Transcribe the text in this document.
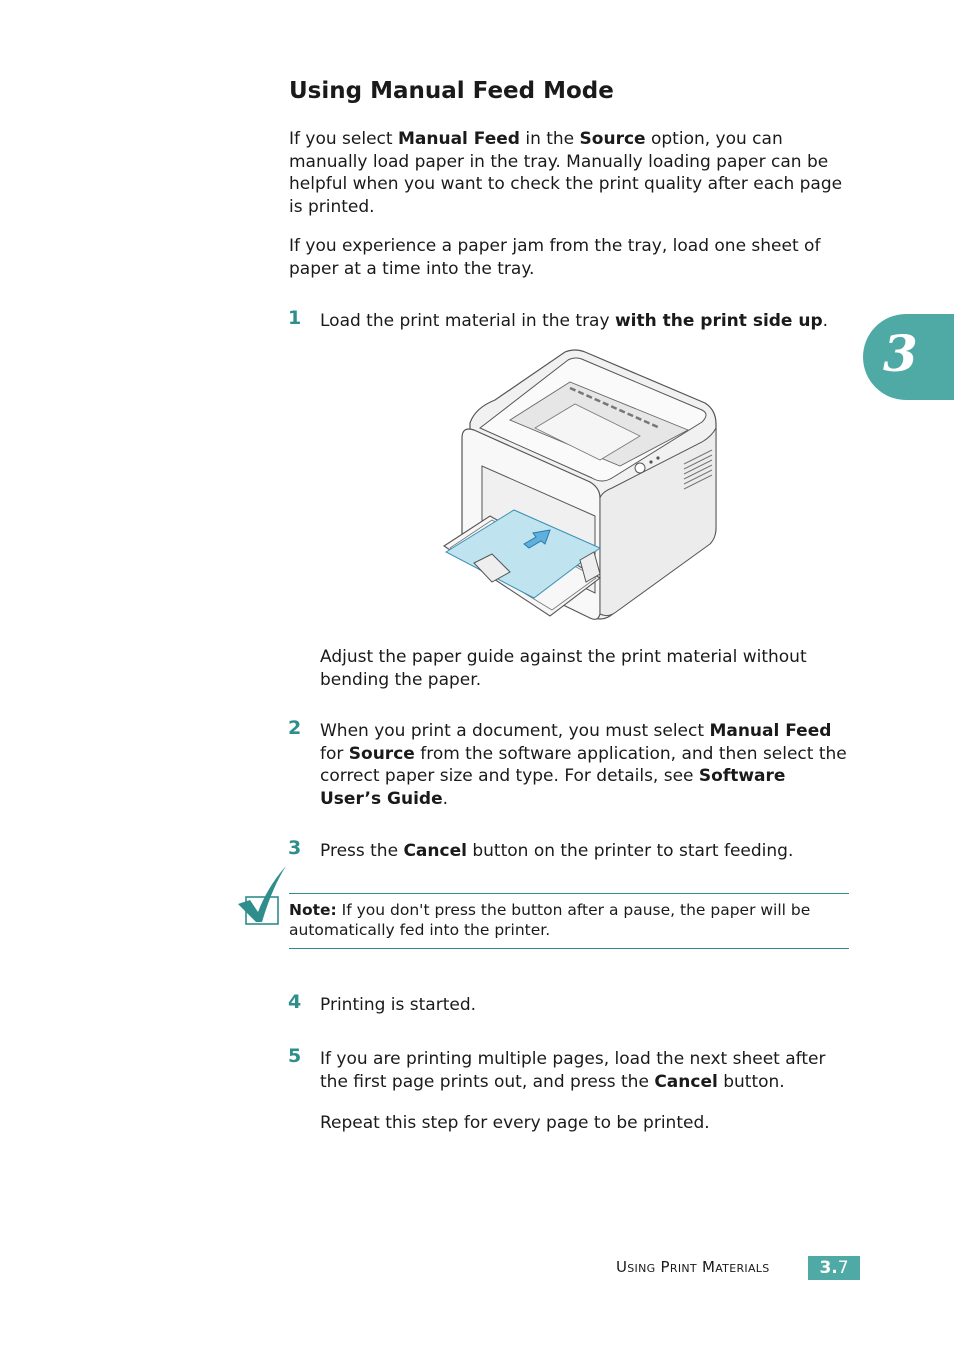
3
Using Manual Feed Mode

If you select Manual Feed in the Source option, you can manually load paper in the tray. Manually loading paper can be helpful when you want to check the print quality after each page is printed.

If you experience a paper jam from the tray, load one sheet of paper at a time into the tray.

1 Load the print material in the tray with the print side up.

Adjust the paper guide against the print material without bending the paper.

2 When you print a document, you must select Manual Feed for Source from the software application, and then select the correct paper size and type. For details, see Software User’s Guide.

3 Press the Cancel button on the printer to start feeding.

Note: If you don't press the button after a pause, the paper will be automatically fed into the printer.

4 Printing is started.

5 If you are printing multiple pages, load the next sheet after the first page prints out, and press the Cancel button.

Repeat this step for every page to be printed.

Using Print Materials	3.7
